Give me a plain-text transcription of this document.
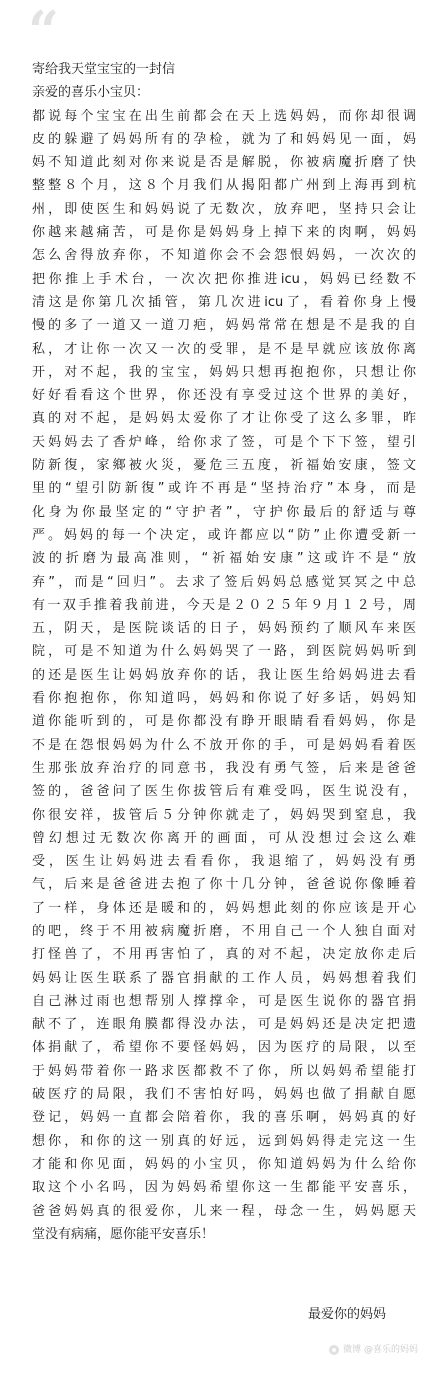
“
寄给我天堂宝宝的一封信
亲爱的喜乐小宝贝：
都说每个宝宝在出生前都会在天上选妈妈，而你却很调
皮的躲避了妈妈所有的孕检，就为了和妈妈见一面，妈
妈不知道此刻对你来说是否是解脱，你被病魔折磨了快
整整８个月，这８个月我们从揭阳都广州到上海再到杭
州，即使医生和妈妈说了无数次，放弃吧，坚持只会让
你越来越痛苦，可是你是妈妈身上掉下来的肉啊，妈妈
怎么舍得放弃你，不知道你会不会怨恨妈妈，一次次的
把你推上手术台，一次次把你推进icu，妈妈已经数不
清这是你第几次插管，第几次进icu了，看着你身上慢
慢的多了一道又一道刀疤，妈妈常常在想是不是我的自
私，才让你一次又一次的受罪，是不是早就应该放你离
开，对不起，我的宝宝，妈妈只想再抱抱你，只想让你
好好看看这个世界，你还没有享受过这个世界的美好，
真的对不起，是妈妈太爱你了才让你受了这么多罪，昨
天妈妈去了香炉峰，给你求了签，可是个下下签，望引
防新復，家鄉被火災，憂危三五度，祈福始安康，签文
里的“望引防新復”或许不再是“坚持治疗”本身，而是
化身为你最坚定的“守护者”，守护你最后的舒适与尊
严。妈妈的每一个决定，或许都应以“防”止你遭受新一
波的折磨为最高准则，“祈福始安康”这或许不是“放
弃”，而是“回归”。去求了签后妈妈总感觉冥冥之中总
有一双手推着我前进，今天是２０２５年９月１２号，周
五，阴天，是医院谈话的日子，妈妈预约了顺风车来医
院，可是不知道为什么妈妈哭了一路，到医院妈妈听到
的还是医生让妈妈放弃你的话，我让医生给妈妈进去看
看你抱抱你，你知道吗，妈妈和你说了好多话，妈妈知
道你能听到的，可是你都没有睁开眼睛看看妈妈，你是
不是在怨恨妈妈为什么不放开你的手，可是妈妈看着医
生那张放弃治疗的同意书，我没有勇气签，后来是爸爸
签的，爸爸问了医生你拔管后有难受吗，医生说没有，
你很安祥，拔管后５分钟你就走了，妈妈哭到窒息，我
曾幻想过无数次你离开的画面，可从没想过会这么难
受，医生让妈妈进去看看你，我退缩了，妈妈没有勇
气，后来是爸爸进去抱了你十几分钟，爸爸说你像睡着
了一样，身体还是暖和的，妈妈想此刻的你应该是开心
的吧，终于不用被病魔折磨，不用自己一个人独自面对
打怪兽了，不用再害怕了，真的对不起，决定放你走后
妈妈让医生联系了器官捐献的工作人员，妈妈想着我们
自己淋过雨也想帮别人撑撑伞，可是医生说你的器官捐
献不了，连眼角膜都得没办法，可是妈妈还是决定把遗
体捐献了，希望你不要怪妈妈，因为医疗的局限，以至
于妈妈带着你一路求医都救不了你，所以妈妈希望能打
破医疗的局限，我们不害怕好吗，妈妈也做了捐献自愿
登记，妈妈一直都会陪着你，我的喜乐啊，妈妈真的好
想你，和你的这一别真的好远，远到妈妈得走完这一生
才能和你见面，妈妈的小宝贝，你知道妈妈为什么给你
取这个小名吗，因为妈妈希望你这一生都能平安喜乐，
爸爸妈妈真的很爱你，儿来一程，母念一生，妈妈愿天
堂没有病痛，愿你能平安喜乐！
最爱你的妈妈
微博 @喜乐的妈妈
